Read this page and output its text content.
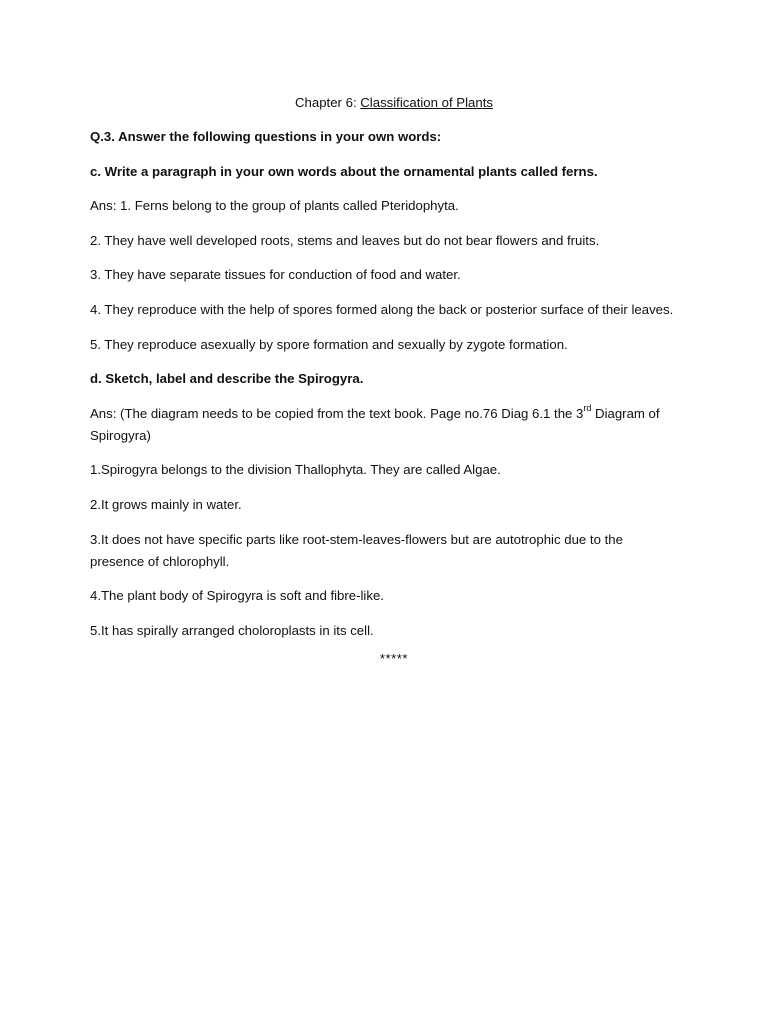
Chapter 6: Classification of Plants

Q.3. Answer the following questions in your own words:

c. Write a paragraph in your own words about the ornamental plants called ferns.

Ans: 1. Ferns belong to the group of plants called Pteridophyta.

2. They have well developed roots, stems and leaves but do not bear flowers and fruits.

3. They have separate tissues for conduction of food and water.

4. They reproduce with the help of spores formed along the back or posterior surface of their leaves.

5. They reproduce asexually by spore formation and sexually by zygote formation.

d. Sketch, label and describe the Spirogyra.

Ans: (The diagram needs to be copied from the text book. Page no.76 Diag 6.1 the 3rd Diagram of Spirogyra)

1.Spirogyra belongs to the division Thallophyta. They are called Algae.

2.It grows mainly in water.

3.It does not have specific parts like root-stem-leaves-flowers but are autotrophic due to the presence of chlorophyll.

4.The plant body of Spirogyra is soft and fibre-like.

5.It has spirally arranged choloroplasts in its cell.

*****
